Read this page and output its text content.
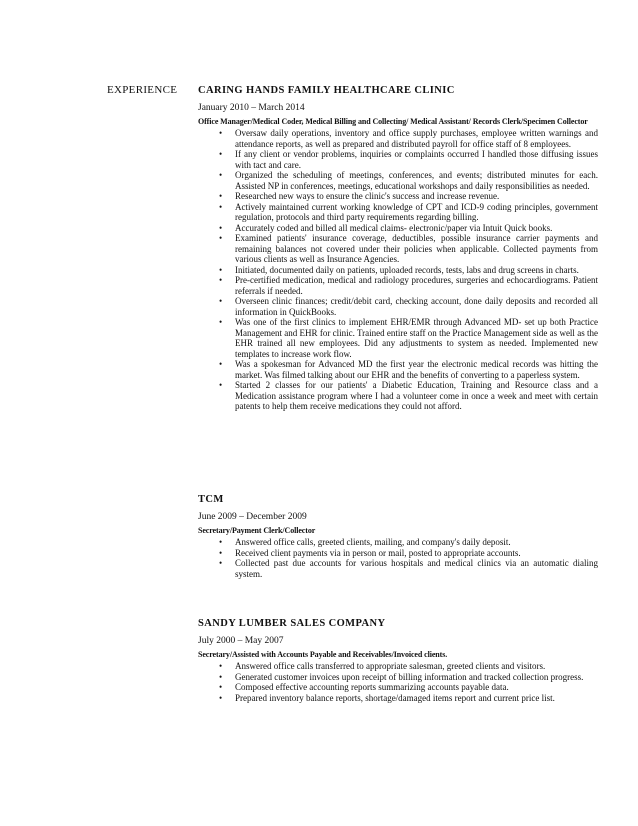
EXPERIENCE CARING HANDS FAMILY HEALTHCARE CLINIC
January 2010 – March 2014
Office Manager/Medical Coder, Medical Billing and Collecting/ Medical Assistant/ Records Clerk/Specimen Collector
• Oversaw daily operations, inventory and office supply purchases, employee written warnings and attendance reports, as well as prepared and distributed payroll for office staff of 8 employees.
• If any client or vendor problems, inquiries or complaints occurred I handled those diffusing issues with tact and care.
• Organized the scheduling of meetings, conferences, and events; distributed minutes for each. Assisted NP in conferences, meetings, educational workshops and daily responsibilities as needed.
• Researched new ways to ensure the clinic's success and increase revenue.
• Actively maintained current working knowledge of CPT and ICD-9 coding principles, government regulation, protocols and third party requirements regarding billing.
• Accurately coded and billed all medical claims- electronic/paper via Intuit Quick books.
• Examined patients' insurance coverage, deductibles, possible insurance carrier payments and remaining balances not covered under their policies when applicable. Collected payments from various clients as well as Insurance Agencies.
• Initiated, documented daily on patients, uploaded records, tests, labs and drug screens in charts.
• Pre-certified medication, medical and radiology procedures, surgeries and echocardiograms. Patient referrals if needed.
• Overseen clinic finances; credit/debit card, checking account, done daily deposits and recorded all information in QuickBooks.
• Was one of the first clinics to implement EHR/EMR through Advanced MD- set up both Practice Management and EHR for clinic. Trained entire staff on the Practice Management side as well as the EHR trained all new employees. Did any adjustments to system as needed. Implemented new templates to increase work flow.
• Was a spokesman for Advanced MD the first year the electronic medical records was hitting the market. Was filmed talking about our EHR and the benefits of converting to a paperless system.
• Started 2 classes for our patients' a Diabetic Education, Training and Resource class and a Medication assistance program where I had a volunteer come in once a week and meet with certain patents to help them receive medications they could not afford.
TCM
June 2009 – December 2009
Secretary/Payment Clerk/Collector
• Answered office calls, greeted clients, mailing, and company's daily deposit.
• Received client payments via in person or mail, posted to appropriate accounts.
• Collected past due accounts for various hospitals and medical clinics via an automatic dialing system.
SANDY LUMBER SALES COMPANY
July 2000 – May 2007
Secretary/Assisted with Accounts Payable and Receivables/Invoiced clients.
• Answered office calls transferred to appropriate salesman, greeted clients and visitors.
• Generated customer invoices upon receipt of billing information and tracked collection progress.
• Composed effective accounting reports summarizing accounts payable data.
• Prepared inventory balance reports, shortage/damaged items report and current price list.
